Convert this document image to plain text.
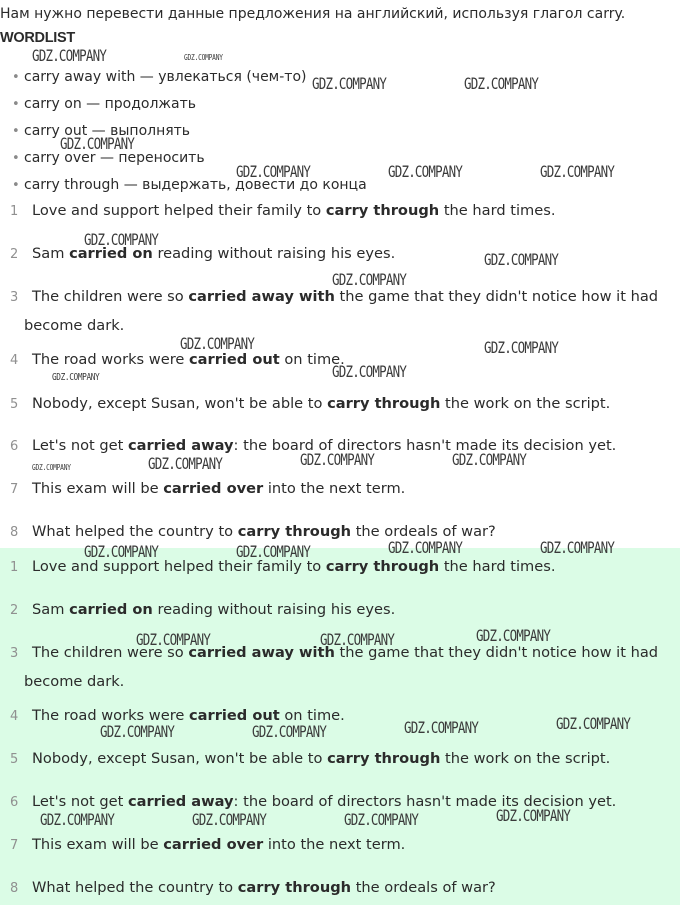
Нам нужно перевести данные предложения на английский, используя глагол carry.
WORDLIST
• carry away with — увлекаться (чем-то)
• carry on — продолжать
• carry out — выполнять
• carry over — переносить
• carry through — выдержать, довести до конца
1 Love and support helped their family to carry through the hard times.
2 Sam carried on reading without raising his eyes.
3 The children were so carried away with the game that they didn't notice how it had
become dark.
4 The road works were carried out on time.
5 Nobody, except Susan, won't be able to carry through the work on the script.
6 Let's not get carried away: the board of directors hasn't made its decision yet.
7 This exam will be carried over into the next term.
8 What helped the country to carry through the ordeals of war?
1 Love and support helped their family to carry through the hard times.
2 Sam carried on reading without raising his eyes.
3 The children were so carried away with the game that they didn't notice how it had
become dark.
4 The road works were carried out on time.
5 Nobody, except Susan, won't be able to carry through the work on the script.
6 Let's not get carried away: the board of directors hasn't made its decision yet.
7 This exam will be carried over into the next term.
8 What helped the country to carry through the ordeals of war?
GDZ.COMPANY	GDZ.COMPANY
GDZ.COMPANY	GDZ.COMPANY
GDZ.COMPANY
GDZ.COMPANY	GDZ.COMPANY	GDZ.COMPANY
GDZ.COMPANY
GDZ.COMPANY
GDZ.COMPANY
GDZ.COMPANY	GDZ.COMPANY
GDZ.COMPANY
GDZ.COMPANY
GDZ.COMPANY	GDZ.COMPANY	GDZ.COMPANY
GDZ.COMPANY
GDZ.COMPANY	GDZ.COMPANY	GDZ.COMPANY	GDZ.COMPANY
GDZ.COMPANY	GDZ.COMPANY	GDZ.COMPANY
GDZ.COMPANY	GDZ.COMPANY
GDZ.COMPANY	GDZ.COMPANY
GDZ.COMPANY	GDZ.COMPANY	GDZ.COMPANY	GDZ.COMPANY
